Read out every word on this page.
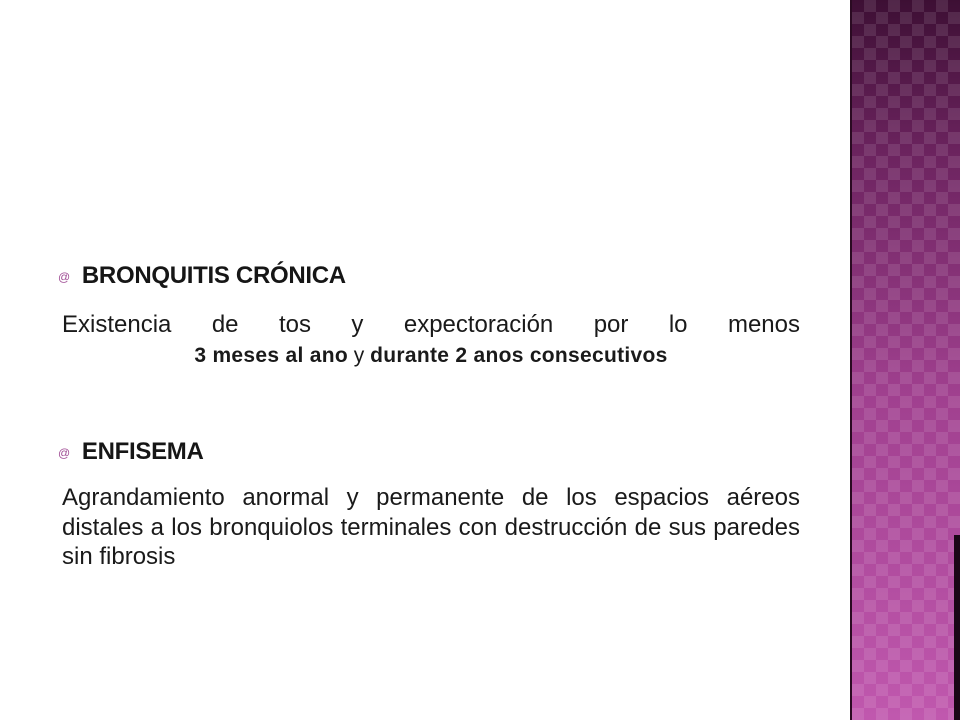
@ BRONQUITIS CRÓNICA

Existencia de tos y expectoración por lo menos

3 meses al ano y durante 2 anos consecutivos
@ ENFISEMA

Agrandamiento anormal y permanente de los espacios aéreos distales a los bronquiolos terminales con destrucción de sus paredes sin fibrosis
